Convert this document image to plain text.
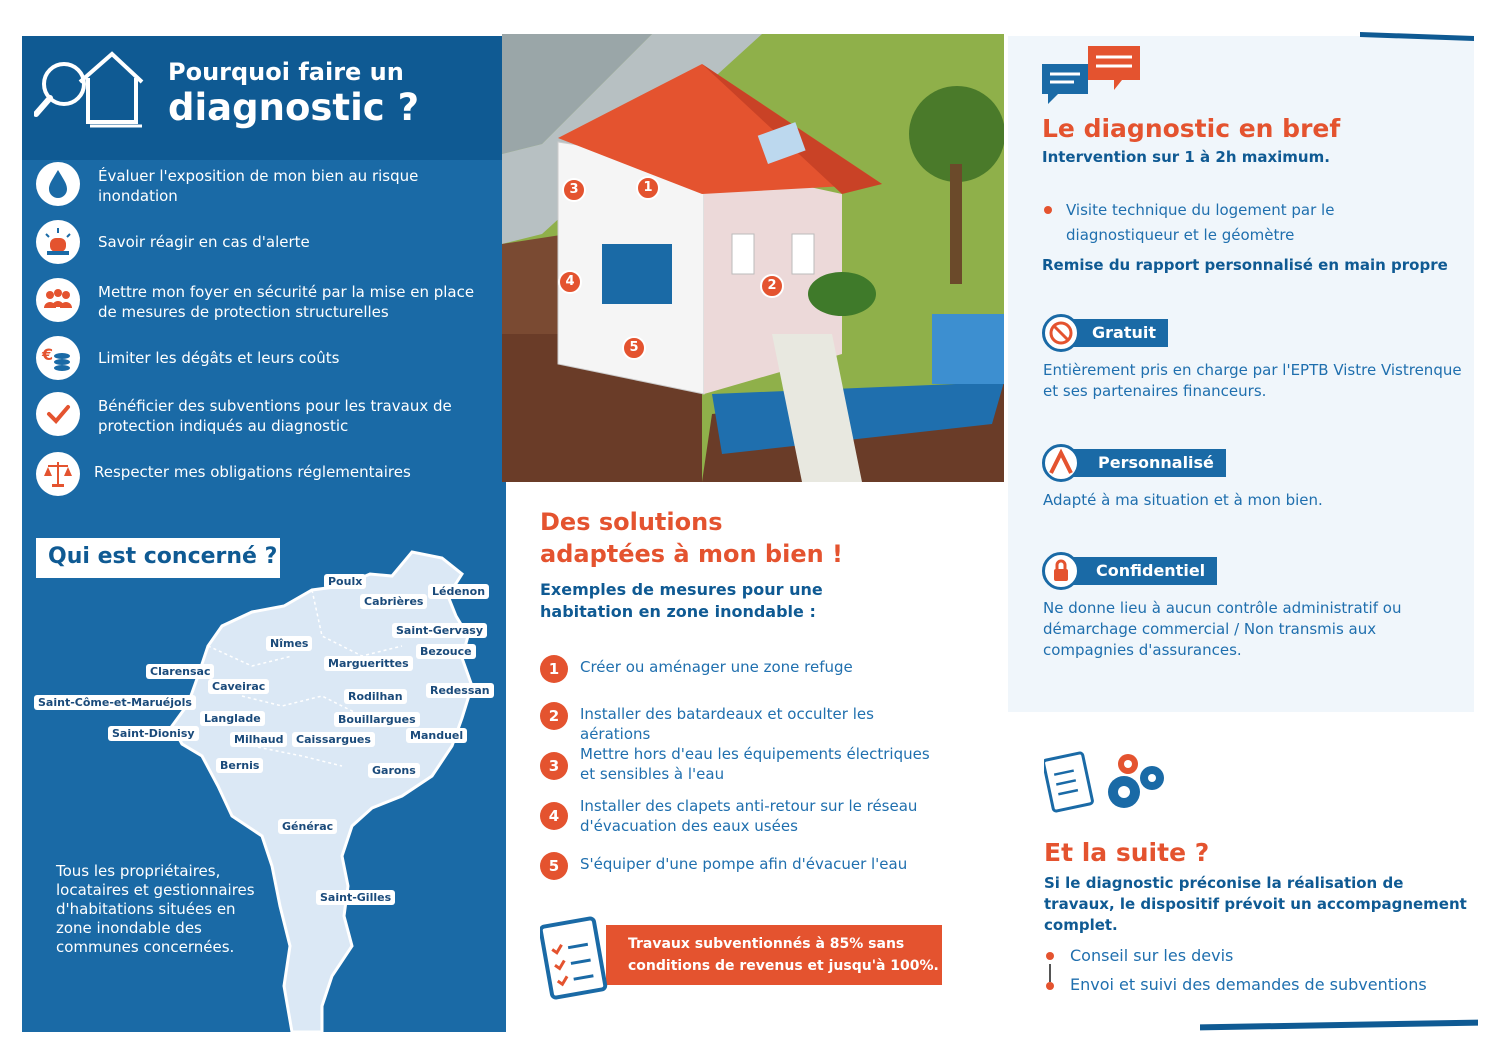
Pourquoi faire un
diagnostic ?
Évaluer l'exposition de mon bien au risque inondation
Savoir réagir en cas d'alerte
Mettre mon foyer en sécurité par la mise en place de mesures de protection structurelles
€	Limiter les dégâts et leurs coûts
Bénéficier des subventions pour les travaux de protection indiqués au diagnostic
Respecter mes obligations réglementaires
Qui est concerné ?
Poulx
Lédenon
Cabrières
Saint-Gervasy
Bezouce
Nîmes
Marguerittes
Clarensac
Caveirac	Redessan
Rodilhan
Saint-Côme-et-Maruéjols
Langlade	Bouillargues
Saint-Dionisy	Milhaud	Caissargues	Manduel
Bernis	Garons
Générac
Saint-Gilles
Tous les propriétaires, locataires et gestionnaires d'habitations situées en zone inondable des communes concernées.
1
2
3
4
5
Des solutions
adaptées à mon bien !
Exemples de mesures pour une habitation en zone inondable :
1	Créer ou aménager une zone refuge
2	Installer des batardeaux et occulter les aérations
3
Mettre hors d'eau les équipements électriques et sensibles à l'eau
4
Installer des clapets anti-retour sur le réseau d'évacuation des eaux usées
5	S'équiper d'une pompe afin d'évacuer l'eau
Travaux subventionnés à 85% sans
conditions de revenus et jusqu'à 100%.
Le diagnostic en bref
Intervention sur 1 à 2h maximum.
Visite technique du logement par le diagnostiqueur et le géomètre
Remise du rapport personnalisé en main propre
Gratuit
Entièrement pris en charge par l'EPTB Vistre Vistrenque et ses partenaires financeurs.
Personnalisé
Adapté à ma situation et à mon bien.
Confidentiel
Ne donne lieu à aucun contrôle administratif ou démarchage commercial / Non transmis aux compagnies d'assurances.
Et la suite ?
Si le diagnostic préconise la réalisation de travaux, le dispositif prévoit un accompagnement complet.
Conseil sur les devis
Envoi et suivi des demandes de subventions
